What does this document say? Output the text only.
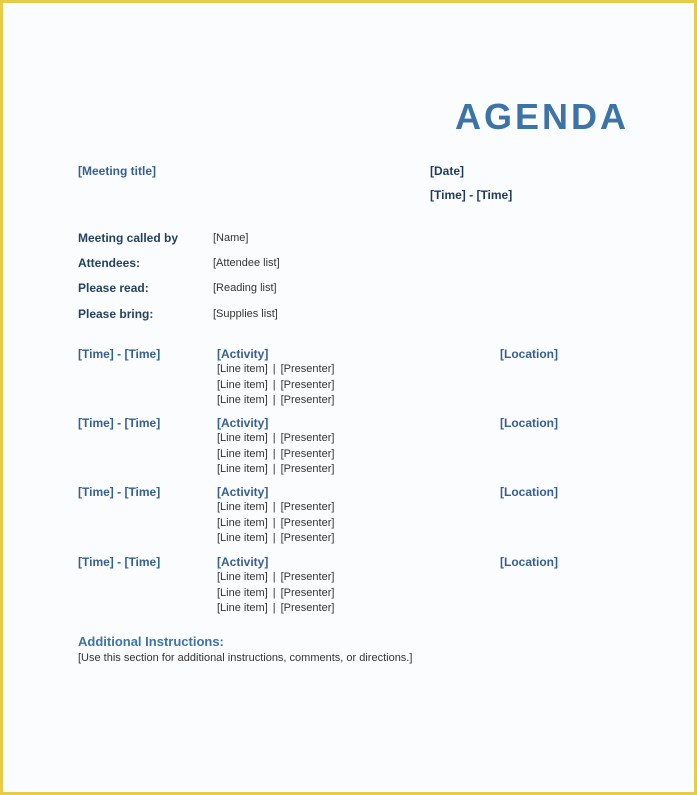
AGENDA
[Meeting title]	[Date]
[Time] - [Time]
Meeting called by	[Name]
Attendees:	[Attendee list]
Please read:	[Reading list]
Please bring:	[Supplies list]
[Time] - [Time]	[Activity]	[Location]
[Line item] | [Presenter]
[Line item] | [Presenter]
[Line item] | [Presenter]
[Time] - [Time]	[Activity]	[Location]
[Line item] | [Presenter]
[Line item] | [Presenter]
[Line item] | [Presenter]
[Time] - [Time]	[Activity]	[Location]
[Line item] | [Presenter]
[Line item] | [Presenter]
[Line item] | [Presenter]
[Time] - [Time]	[Activity]	[Location]
[Line item] | [Presenter]
[Line item] | [Presenter]
[Line item] | [Presenter]
Additional Instructions:
[Use this section for additional instructions, comments, or directions.]
